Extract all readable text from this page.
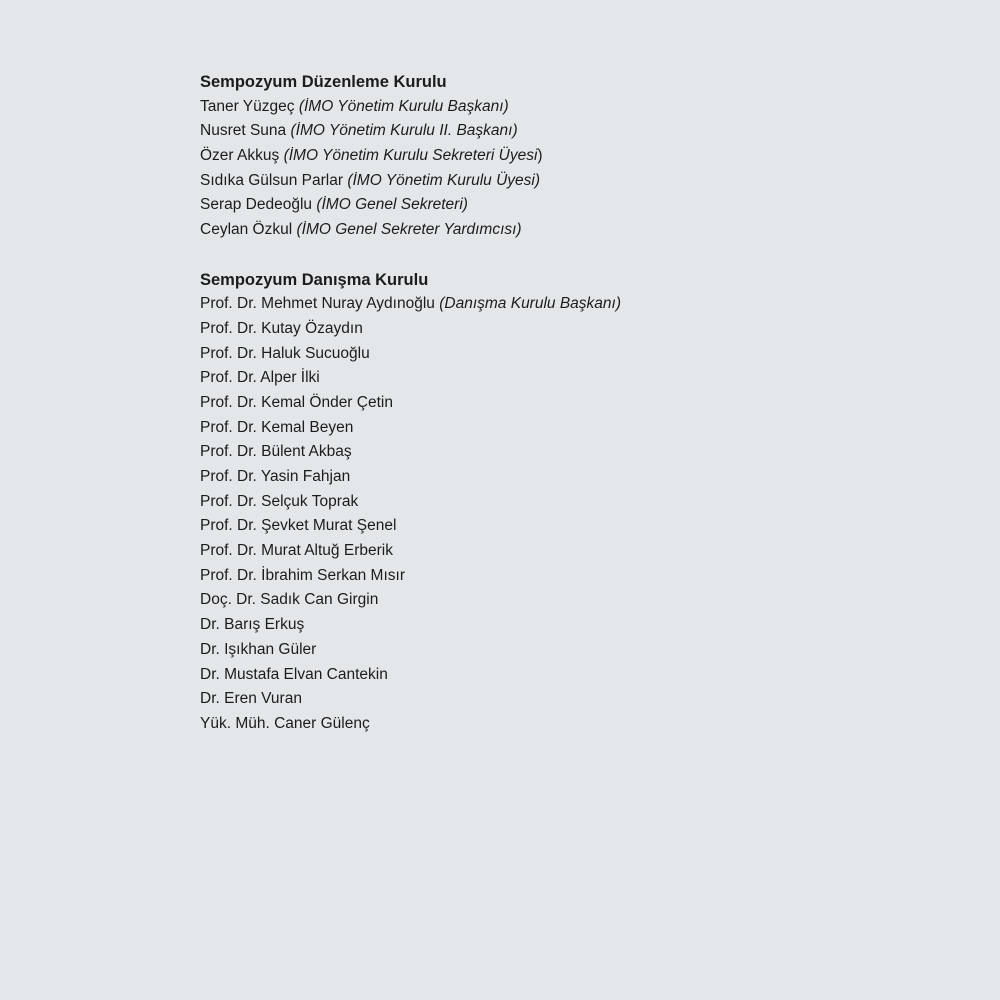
Sempozyum Düzenleme Kurulu
Taner Yüzgeç (İMO Yönetim Kurulu Başkanı)
Nusret Suna (İMO Yönetim Kurulu II. Başkanı)
Özer Akkuş (İMO Yönetim Kurulu Sekreteri Üyesi)
Sıdıka Gülsun Parlar (İMO Yönetim Kurulu Üyesi)
Serap Dedeoğlu (İMO Genel Sekreteri)
Ceylan Özkul (İMO Genel Sekreter Yardımcısı)
Sempozyum Danışma Kurulu
Prof. Dr. Mehmet Nuray Aydınoğlu (Danışma Kurulu Başkanı)
Prof. Dr. Kutay Özaydın
Prof. Dr. Haluk Sucuoğlu
Prof. Dr. Alper İlki
Prof. Dr. Kemal Önder Çetin
Prof. Dr. Kemal Beyen
Prof. Dr. Bülent Akbaş
Prof. Dr. Yasin Fahjan
Prof. Dr. Selçuk Toprak
Prof. Dr. Şevket Murat Şenel
Prof. Dr. Murat Altuğ Erberik
Prof. Dr. İbrahim Serkan Mısır
Doç. Dr. Sadık Can Girgin
Dr. Barış Erkuş
Dr. Işıkhan Güler
Dr. Mustafa Elvan Cantekin
Dr. Eren Vuran
Yük. Müh. Caner Gülenç
